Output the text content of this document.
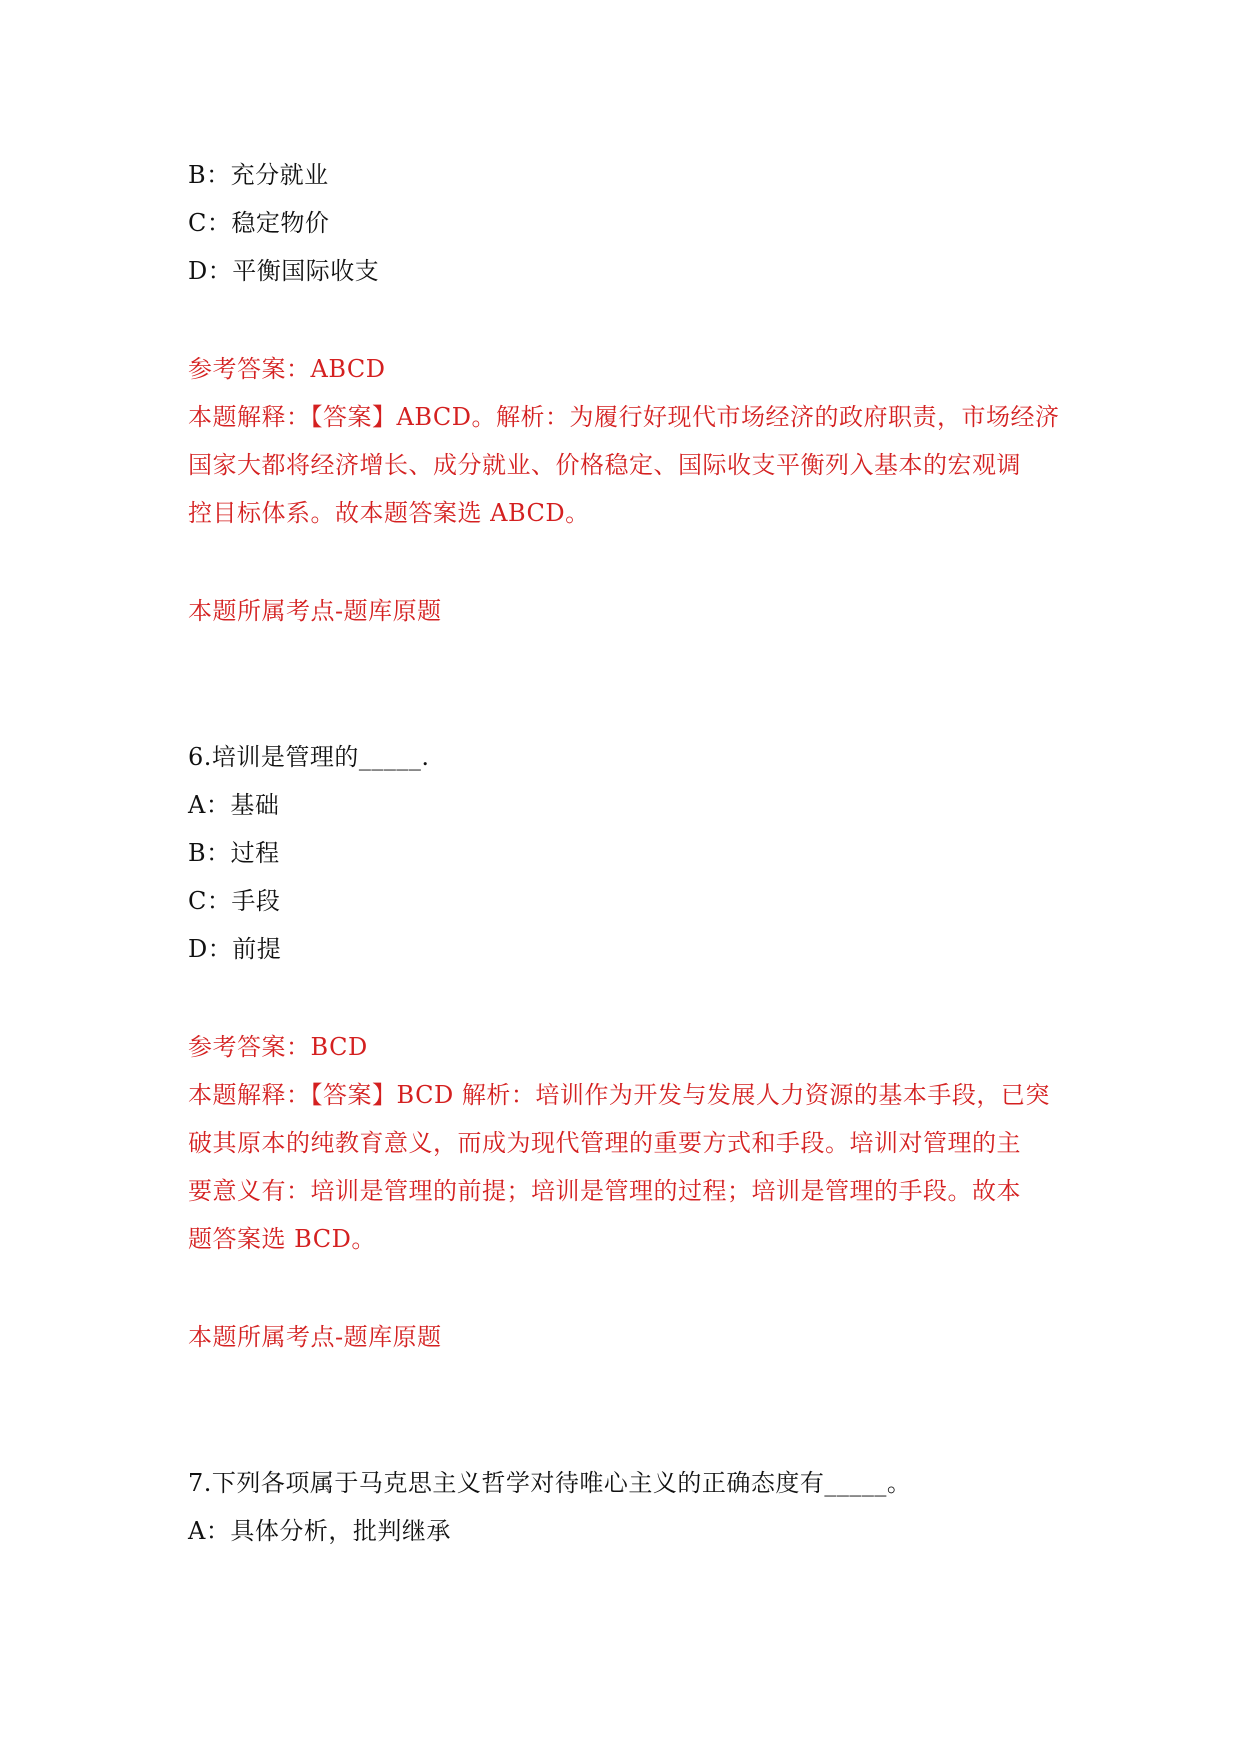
B：充分就业
C：稳定物价
D：平衡国际收支
参考答案：ABCD
本题解释：【答案】ABCD。解析：为履行好现代市场经济的政府职责，市场经济
国家大都将经济增长、成分就业、价格稳定、国际收支平衡列入基本的宏观调
控目标体系。故本题答案选 ABCD。
本题所属考点-题库原题
6.培训是管理的_____.
A：基础
B：过程
C：手段
D：前提
参考答案：BCD
本题解释：【答案】BCD 解析：培训作为开发与发展人力资源的基本手段，已突
破其原本的纯教育意义，而成为现代管理的重要方式和手段。培训对管理的主
要意义有：培训是管理的前提；培训是管理的过程；培训是管理的手段。故本
题答案选 BCD。
本题所属考点-题库原题
7.下列各项属于马克思主义哲学对待唯心主义的正确态度有_____。
A：具体分析，批判继承
